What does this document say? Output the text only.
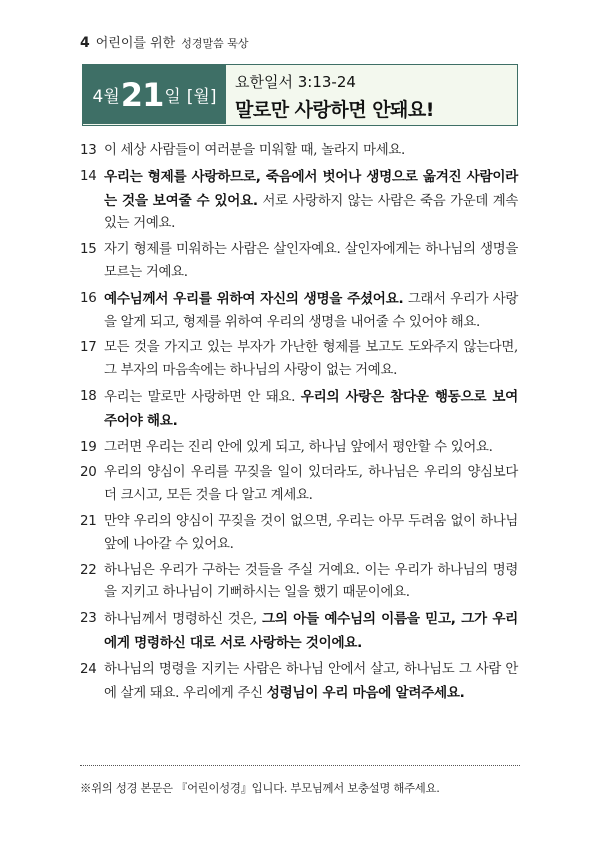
4 어린이를 위한 성경말씀 묵상
4월 21 일 [월]
요한일서 3:13-24
말로만 사랑하면 안돼요!
13 이 세상 사람들이 여러분을 미워할 때, 놀라지 마세요.
14 우리는 형제를 사랑하므로, 죽음에서 벗어나 생명으로 옮겨진 사람이라는 것을 보여줄 수 있어요. 서로 사랑하지 않는 사람은 죽음 가운데 계속 있는 거예요.
15 자기 형제를 미워하는 사람은 살인자예요. 살인자에게는 하나님의 생명을 모르는 거예요.
16 예수님께서 우리를 위하여 자신의 생명을 주셨어요. 그래서 우리가 사랑을 알게 되고, 형제를 위하여 우리의 생명을 내어줄 수 있어야 해요.
17 모든 것을 가지고 있는 부자가 가난한 형제를 보고도 도와주지 않는다면, 그 부자의 마음속에는 하나님의 사랑이 없는 거예요.
18 우리는 말로만 사랑하면 안 돼요. 우리의 사랑은 참다운 행동으로 보여 주어야 해요.
19 그러면 우리는 진리 안에 있게 되고, 하나님 앞에서 평안할 수 있어요.
20 우리의 양심이 우리를 꾸짖을 일이 있더라도, 하나님은 우리의 양심보다 더 크시고, 모든 것을 다 알고 계세요.
21 만약 우리의 양심이 꾸짖을 것이 없으면, 우리는 아무 두려움 없이 하나님 앞에 나아갈 수 있어요.
22 하나님은 우리가 구하는 것들을 주실 거예요. 이는 우리가 하나님의 명령을 지키고 하나님이 기뻐하시는 일을 했기 때문이에요.
23 하나님께서 명령하신 것은, 그의 아들 예수님의 이름을 믿고, 그가 우리에게 명령하신 대로 서로 사랑하는 것이에요.
24 하나님의 명령을 지키는 사람은 하나님 안에서 살고, 하나님도 그 사람 안에 살게 돼요. 우리에게 주신 성령님이 우리 마음에 알려주세요.
※위의 성경 본문은 『어린이성경』입니다. 부모님께서 보충설명 해주세요.
